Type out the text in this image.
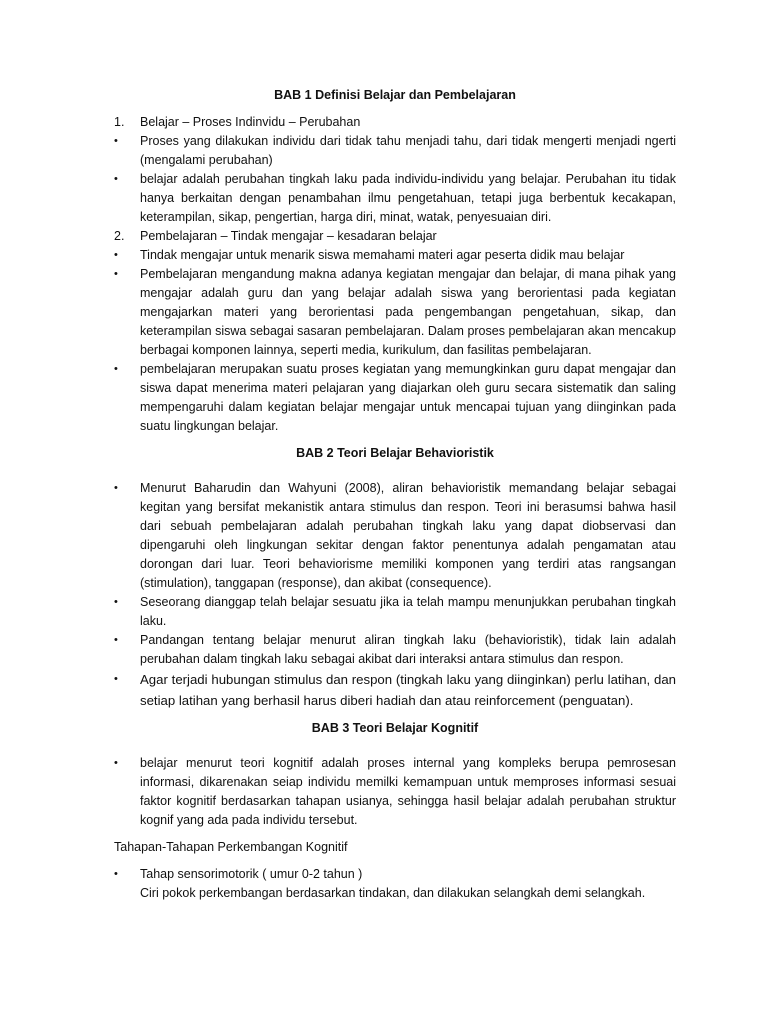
BAB 1 Definisi Belajar dan Pembelajaran

1.	Belajar – Proses Indinvidu – Perubahan
•	Proses yang dilakukan individu dari tidak tahu menjadi tahu, dari tidak mengerti menjadi ngerti (mengalami perubahan)
•	belajar adalah perubahan tingkah laku pada individu-individu yang belajar. Perubahan itu tidak hanya berkaitan dengan penambahan ilmu pengetahuan, tetapi juga berbentuk kecakapan, keterampilan, sikap, pengertian, harga diri, minat, watak, penyesuaian diri.
2.	Pembelajaran – Tindak mengajar – kesadaran belajar
•	Tindak mengajar untuk menarik siswa memahami materi agar peserta didik mau belajar
•	Pembelajaran mengandung makna adanya kegiatan mengajar dan belajar, di mana pihak yang mengajar adalah guru dan yang belajar adalah siswa yang berorientasi pada kegiatan mengajarkan materi yang berorientasi pada pengembangan pengetahuan, sikap, dan keterampilan siswa sebagai sasaran pembelajaran. Dalam proses pembelajaran akan mencakup berbagai komponen lainnya, seperti media, kurikulum, dan fasilitas pembelajaran.
•	pembelajaran merupakan suatu proses kegiatan yang memungkinkan guru dapat mengajar dan siswa dapat menerima materi pelajaran yang diajarkan oleh guru secara sistematik dan saling mempengaruhi dalam kegiatan belajar mengajar untuk mencapai tujuan yang diinginkan pada suatu lingkungan belajar.

BAB 2 Teori Belajar Behavioristik

•	Menurut Baharudin dan Wahyuni (2008), aliran behavioristik memandang belajar sebagai kegitan yang bersifat mekanistik antara stimulus dan respon. Teori ini berasumsi bahwa hasil dari sebuah pembelajaran adalah perubahan tingkah laku yang dapat diobservasi dan dipengaruhi oleh lingkungan sekitar dengan faktor penentunya adalah pengamatan atau dorongan dari luar. Teori behaviorisme memiliki komponen yang terdiri atas rangsangan (stimulation), tanggapan (response), dan akibat (consequence).
•	Seseorang dianggap telah belajar sesuatu jika ia telah mampu menunjukkan perubahan tingkah laku.
•	Pandangan tentang belajar menurut aliran tingkah laku (behavioristik), tidak lain adalah perubahan dalam tingkah laku sebagai akibat dari interaksi antara stimulus dan respon.
•	Agar terjadi hubungan stimulus dan respon (tingkah laku yang diinginkan) perlu latihan, dan setiap latihan yang berhasil harus diberi hadiah dan atau reinforcement (penguatan).

BAB 3 Teori Belajar Kognitif

•	belajar menurut teori kognitif adalah proses internal yang kompleks berupa pemrosesan informasi, dikarenakan seiap individu memilki kemampuan untuk memproses informasi sesuai faktor kognitif berdasarkan tahapan usianya, sehingga hasil belajar adalah perubahan struktur kognif yang ada pada individu tersebut.

Tahapan-Tahapan Perkembangan Kognitif

•	Tahap sensorimotorik ( umur 0-2 tahun )

Ciri pokok perkembangan berdasarkan tindakan, dan dilakukan selangkah demi selangkah.
